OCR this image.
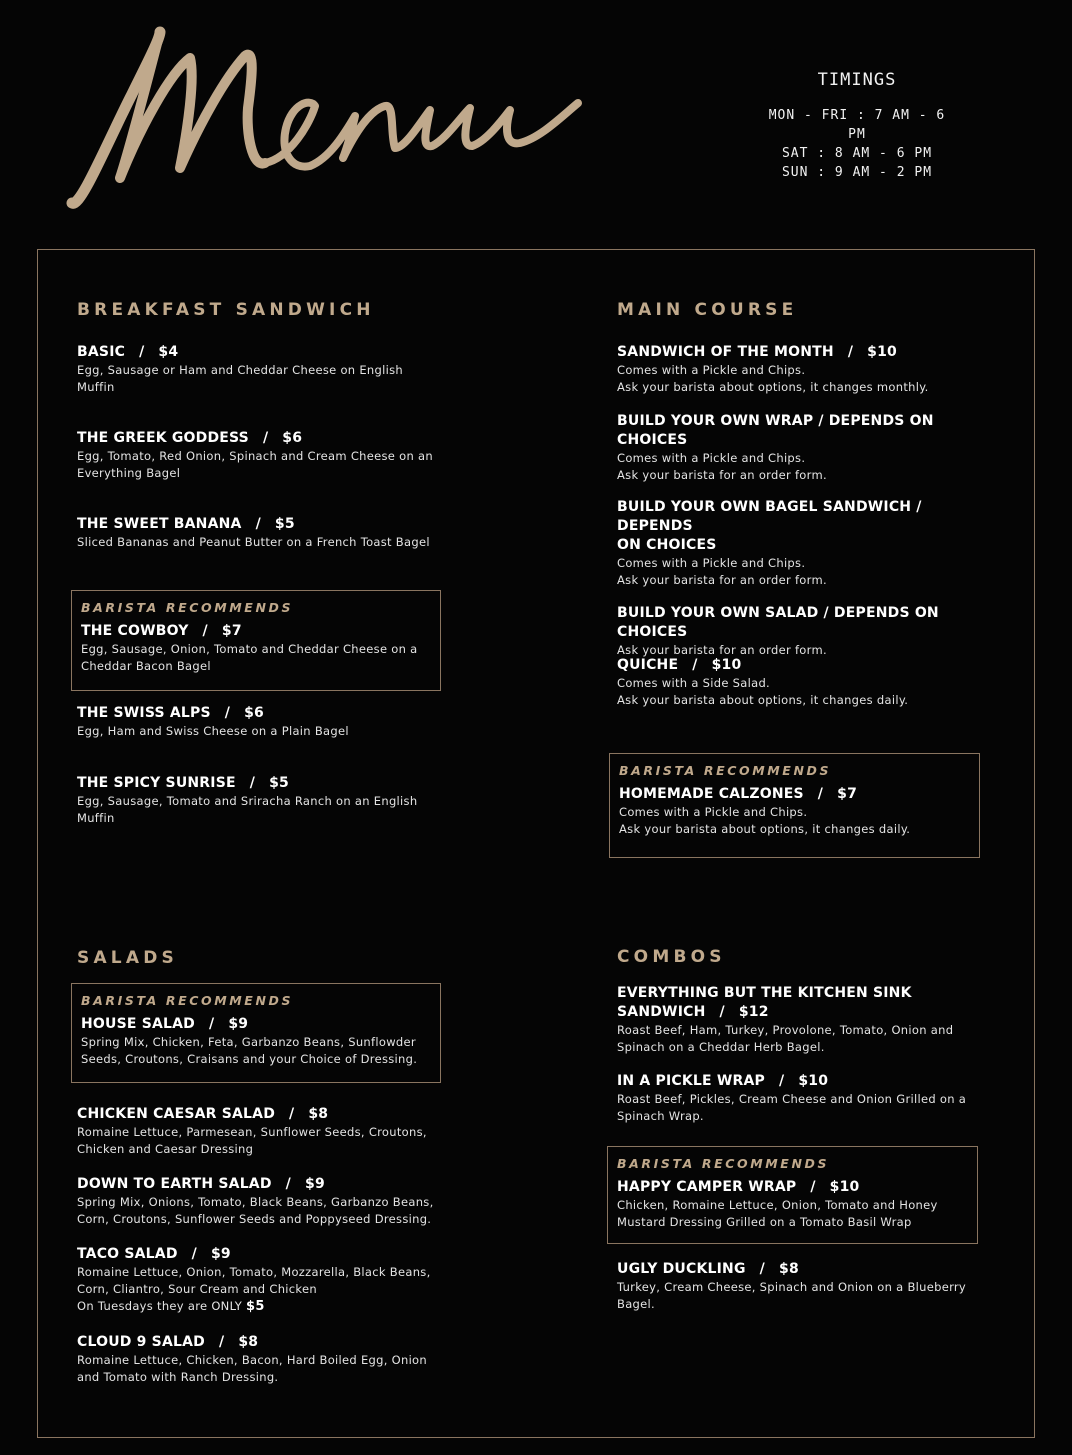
TIMINGS
MON - FRI : 7 AM - 6 PM
SAT : 8 AM - 6 PM
SUN : 9 AM - 2 PM
BREAKFAST SANDWICH
BASIC / $4
Egg, Sausage or Ham and Cheddar Cheese on English
Muffin
THE GREEK GODDESS / $6
Egg, Tomato, Red Onion, Spinach and Cream Cheese on an
Everything Bagel
THE SWEET BANANA / $5
Sliced Bananas and Peanut Butter on a French Toast Bagel
BARISTA RECOMMENDS
THE COWBOY / $7
Egg, Sausage, Onion, Tomato and Cheddar Cheese on a
Cheddar Bacon Bagel
THE SWISS ALPS / $6
Egg, Ham and Swiss Cheese on a Plain Bagel
THE SPICY SUNRISE / $5
Egg, Sausage, Tomato and Sriracha Ranch on an English
Muffin
MAIN COURSE
SANDWICH OF THE MONTH / $10
Comes with a Pickle and Chips.
Ask your barista about options, it changes monthly.
BUILD YOUR OWN WRAP / DEPENDS ON CHOICES
Comes with a Pickle and Chips.
Ask your barista for an order form.
BUILD YOUR OWN BAGEL SANDWICH / DEPENDS
ON CHOICES
Comes with a Pickle and Chips.
Ask your barista for an order form.
BUILD YOUR OWN SALAD / DEPENDS ON CHOICES
Ask your barista for an order form.
QUICHE / $10
Comes with a Side Salad.
Ask your barista about options, it changes daily.
BARISTA RECOMMENDS
HOMEMADE CALZONES / $7
Comes with a Pickle and Chips.
Ask your barista about options, it changes daily.
SALADS
BARISTA RECOMMENDS
HOUSE SALAD / $9
Spring Mix, Chicken, Feta, Garbanzo Beans, Sunflowder
Seeds, Croutons, Craisans and your Choice of Dressing.
CHICKEN CAESAR SALAD / $8
Romaine Lettuce, Parmesean, Sunflower Seeds, Croutons,
Chicken and Caesar Dressing
DOWN TO EARTH SALAD / $9
Spring Mix, Onions, Tomato, Black Beans, Garbanzo Beans,
Corn, Croutons, Sunflower Seeds and Poppyseed Dressing.
TACO SALAD / $9
Romaine Lettuce, Onion, Tomato, Mozzarella, Black Beans,
Corn, Cliantro, Sour Cream and Chicken
On Tuesdays they are ONLY $5
CLOUD 9 SALAD / $8
Romaine Lettuce, Chicken, Bacon, Hard Boiled Egg, Onion
and Tomato with Ranch Dressing.
COMBOS
EVERYTHING BUT THE KITCHEN SINK
SANDWICH / $12
Roast Beef, Ham, Turkey, Provolone, Tomato, Onion and
Spinach on a Cheddar Herb Bagel.
IN A PICKLE WRAP / $10
Roast Beef, Pickles, Cream Cheese and Onion Grilled on a
Spinach Wrap.
BARISTA RECOMMENDS
HAPPY CAMPER WRAP / $10
Chicken, Romaine Lettuce, Onion, Tomato and Honey
Mustard Dressing Grilled on a Tomato Basil Wrap
UGLY DUCKLING / $8
Turkey, Cream Cheese, Spinach and Onion on a Blueberry
Bagel.
